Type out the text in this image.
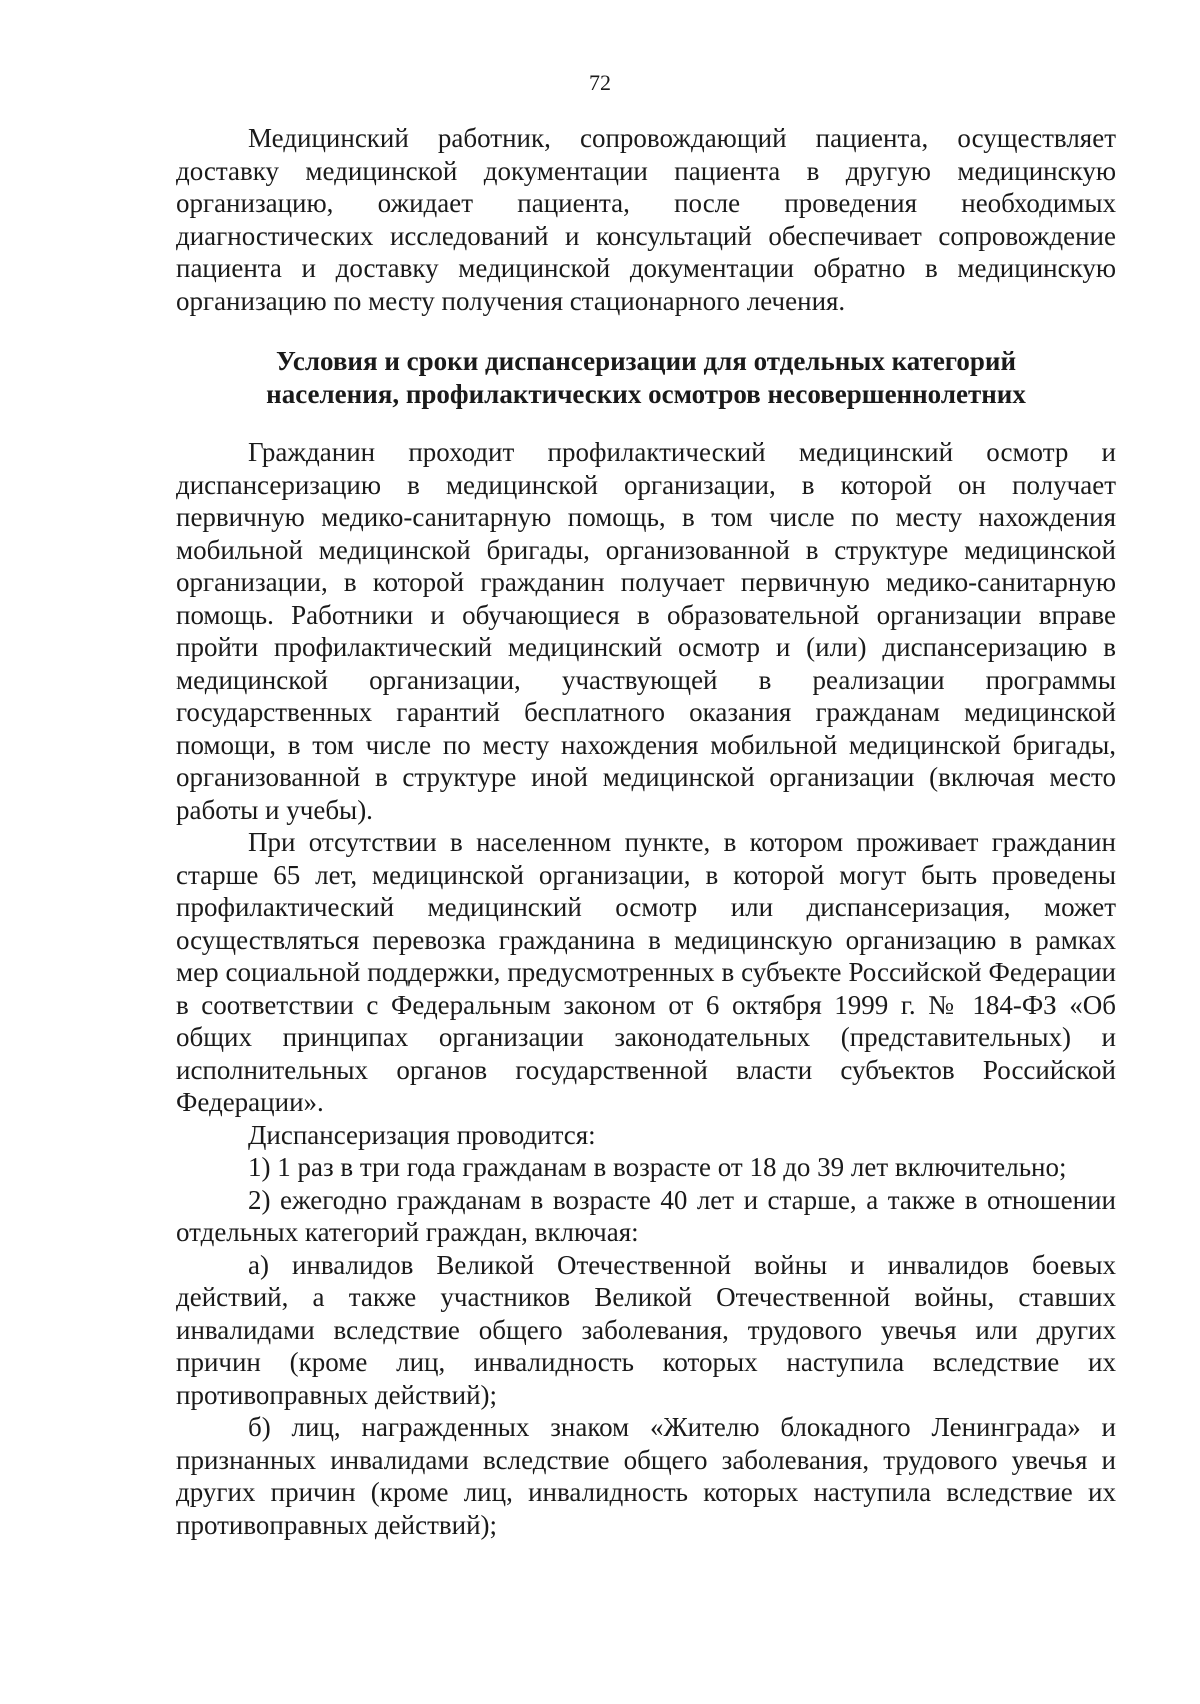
72

Медицинский работник, сопровождающий пациента, осуществляет доставку медицинской документации пациента в другую медицинскую организацию, ожидает пациента, после проведения необходимых диагностических исследований и консультаций обеспечивает сопровождение пациента и доставку медицинской документации обратно в медицинскую организацию по месту получения стационарного лечения.

Условия и сроки диспансеризации для отдельных категорий
населения, профилактических осмотров несовершеннолетних

Гражданин проходит профилактический медицинский осмотр и диспансеризацию в медицинской организации, в которой он получает первичную медико-санитарную помощь, в том числе по месту нахождения мобильной медицинской бригады, организованной в структуре медицинской организации, в которой гражданин получает первичную медико-санитарную помощь. Работники и обучающиеся в образовательной организации вправе пройти профилактический медицинский осмотр и (или) диспансеризацию в медицинской организации, участвующей в реализации программы государственных гарантий бесплатного оказания гражданам медицинской помощи, в том числе по месту нахождения мобильной медицинской бригады, организованной в структуре иной медицинской организации (включая место работы и учебы).

При отсутствии в населенном пункте, в котором проживает гражданин старше 65 лет, медицинской организации, в которой могут быть проведены профилактический медицинский осмотр или диспансеризация, может осуществляться перевозка гражданина в медицинскую организацию в рамках мер социальной поддержки, предусмотренных в субъекте Российской Федерации в соответствии с Федеральным законом от 6 октября 1999 г. № 184-ФЗ «Об общих принципах организации законодательных (представительных) и исполнительных органов государственной власти субъектов Российской Федерации».

Диспансеризация проводится:

1) 1 раз в три года гражданам в возрасте от 18 до 39 лет включительно;

2) ежегодно гражданам в возрасте 40 лет и старше, а также в отношении отдельных категорий граждан, включая:

а) инвалидов Великой Отечественной войны и инвалидов боевых действий, а также участников Великой Отечественной войны, ставших инвалидами вследствие общего заболевания, трудового увечья или других причин (кроме лиц, инвалидность которых наступила вследствие их противоправных действий);

б) лиц, награжденных знаком «Жителю блокадного Ленинграда» и признанных инвалидами вследствие общего заболевания, трудового увечья и других причин (кроме лиц, инвалидность которых наступила вследствие их противоправных действий);
